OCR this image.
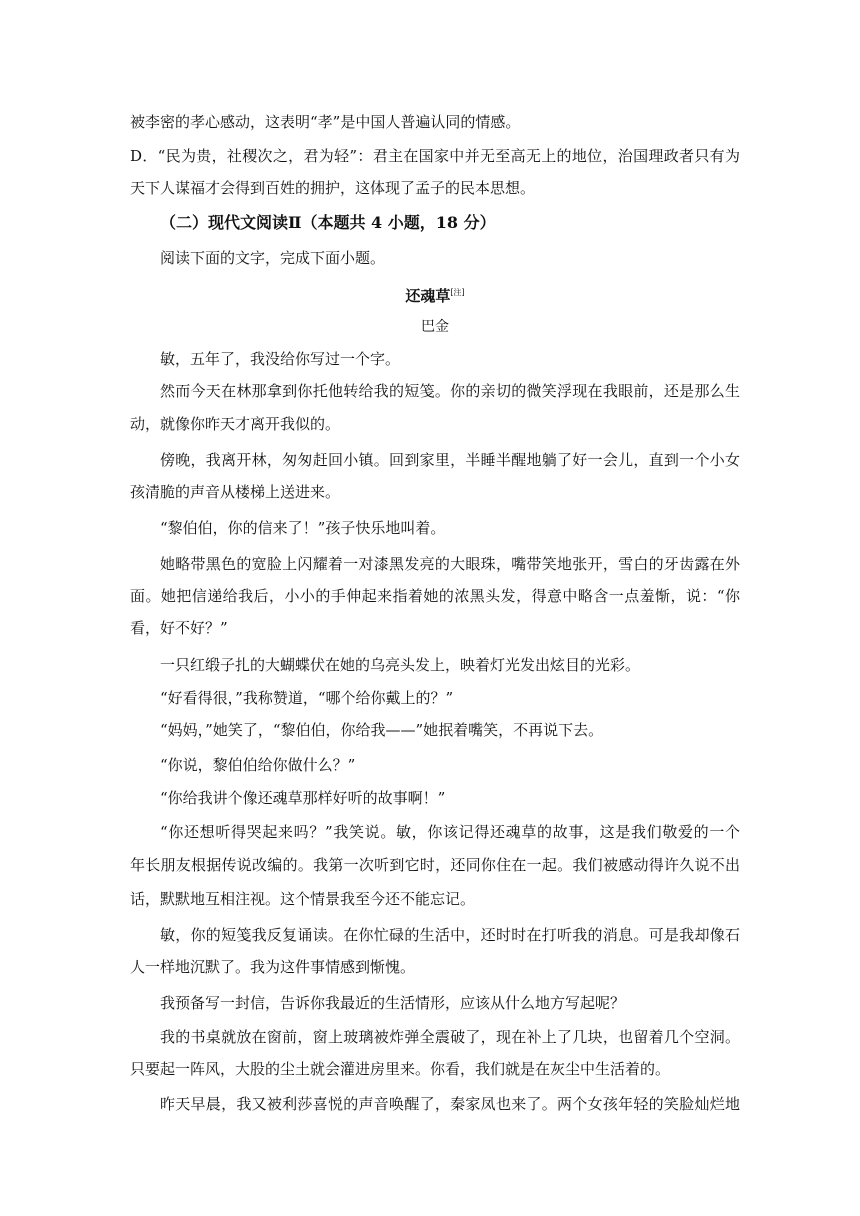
被李密的孝心感动，这表明“孝”是中国人普遍认同的情感。
D．“民为贵，社稷次之，君为轻”：君主在国家中并无至高无上的地位，治国理政者只有为
天下人谋福才会得到百姓的拥护，这体现了孟子的民本思想。
（二）现代文阅读Ⅱ（本题共 4 小题，18 分）
阅读下面的文字，完成下面小题。
还魂草[注]
巴金
敏，五年了，我没给你写过一个字。
然而今天在林那拿到你托他转给我的短笺。你的亲切的微笑浮现在我眼前，还是那么生
动，就像你昨天才离开我似的。
傍晚，我离开林，匆匆赶回小镇。回到家里，半睡半醒地躺了好一会儿，直到一个小女
孩清脆的声音从楼梯上送进来。
“黎伯伯，你的信来了！”孩子快乐地叫着。
她略带黑色的宽脸上闪耀着一对漆黑发亮的大眼珠，嘴带笑地张开，雪白的牙齿露在外
面。她把信递给我后，小小的手伸起来指着她的浓黑头发，得意中略含一点羞惭，说：“你
看，好不好？”
一只红缎子扎的大蝴蝶伏在她的乌亮头发上，映着灯光发出炫目的光彩。
“好看得很，”我称赞道，“哪个给你戴上的？”
“妈妈，”她笑了，“黎伯伯，你给我——”她抿着嘴笑，不再说下去。
“你说，黎伯伯给你做什么？”
“你给我讲个像还魂草那样好听的故事啊！”
“你还想听得哭起来吗？”我笑说。敏，你该记得还魂草的故事，这是我们敬爱的一个
年长朋友根据传说改编的。我第一次听到它时，还同你住在一起。我们被感动得许久说不出
话，默默地互相注视。这个情景我至今还不能忘记。
敏，你的短笺我反复诵读。在你忙碌的生活中，还时时在打听我的消息。可是我却像石
人一样地沉默了。我为这件事情感到惭愧。
我预备写一封信，告诉你我最近的生活情形，应该从什么地方写起呢？
我的书桌就放在窗前，窗上玻璃被炸弹全震破了，现在补上了几块，也留着几个空洞。
只要起一阵风，大股的尘土就会灌进房里来。你看，我们就是在灰尘中生活着的。
昨天早晨，我又被利莎喜悦的声音唤醒了，秦家凤也来了。两个女孩年轻的笑脸灿烂地
